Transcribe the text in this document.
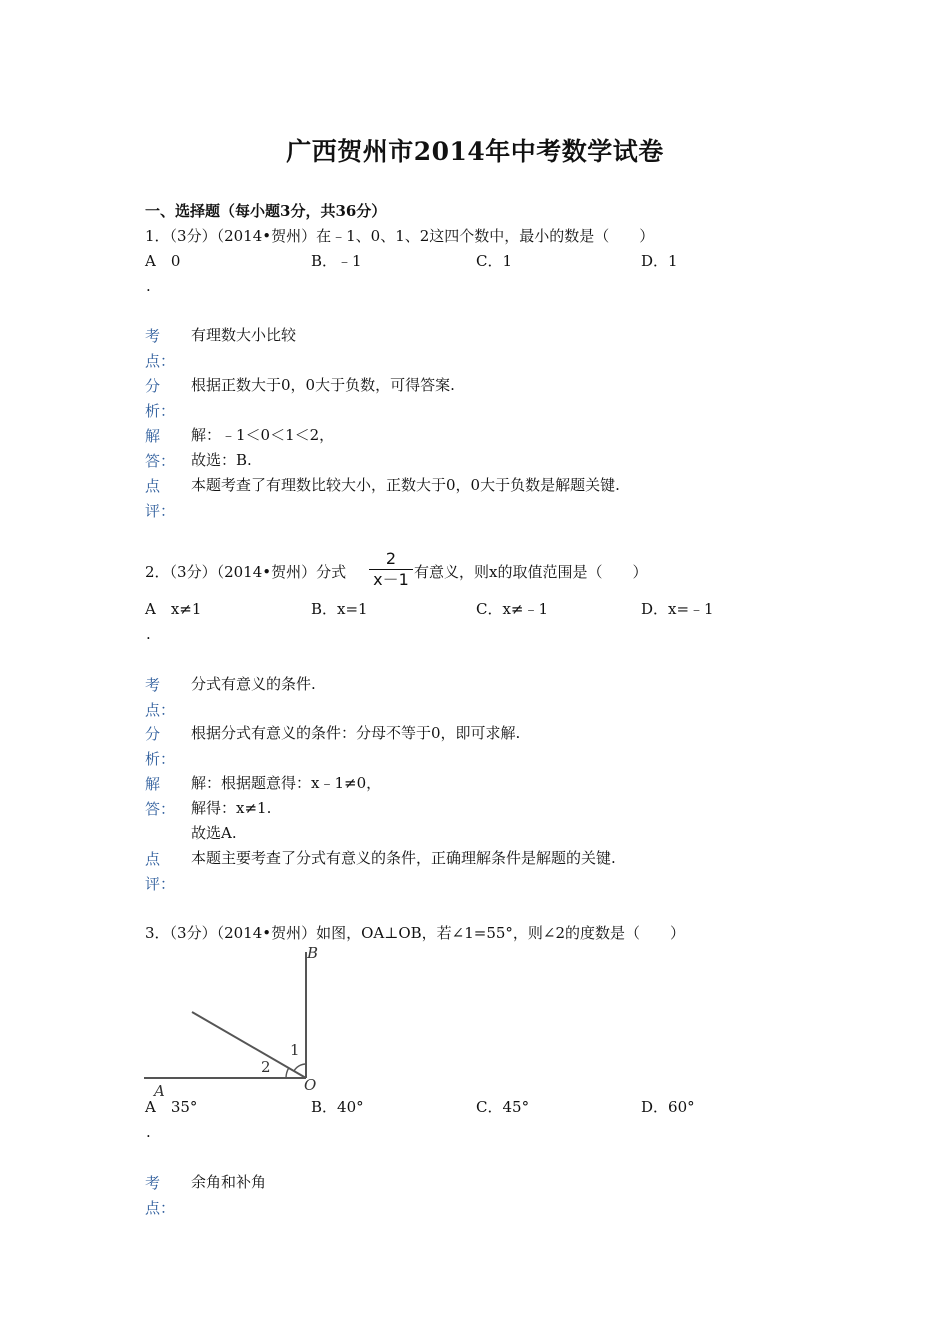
广西贺州市2014年中考数学试卷
一、选择题（每小题3分，共36分）
1．（3分）（2014•贺州）在﹣1、0、1、2这四个数中，最小的数是（　　）
A　0
.
B．﹣1	C．1	D．1
考
点：
有理数大小比较
分
析：
根据正数大于0，0大于负数，可得答案.
解
答：
解：﹣1＜0＜1＜2，
故选：B.
点
评：
本题考查了有理数比较大小，正数大于0，0大于负数是解题关键.
2．（3分）（2014•贺州）分式
2
x－1 有意义，则x的取值范围是（　　）
A　x≠1
.
B．x=1	C．x≠﹣1	D．x=﹣1
考
点：
分式有意义的条件.
分
析：
根据分式有意义的条件：分母不等于0，即可求解.
解
答：
解：根据题意得：x﹣1≠0，
解得：x≠1.
故选A.
点
评：
本题主要考查了分式有意义的条件，正确理解条件是解题的关键.
3．（3分）（2014•贺州）如图，OA⊥OB，若∠1=55°，则∠2的度数是（　　）
B
A	O
1
2
A　35°
.
B．40°	C．45°	D．60°
考
点：
余角和补角
